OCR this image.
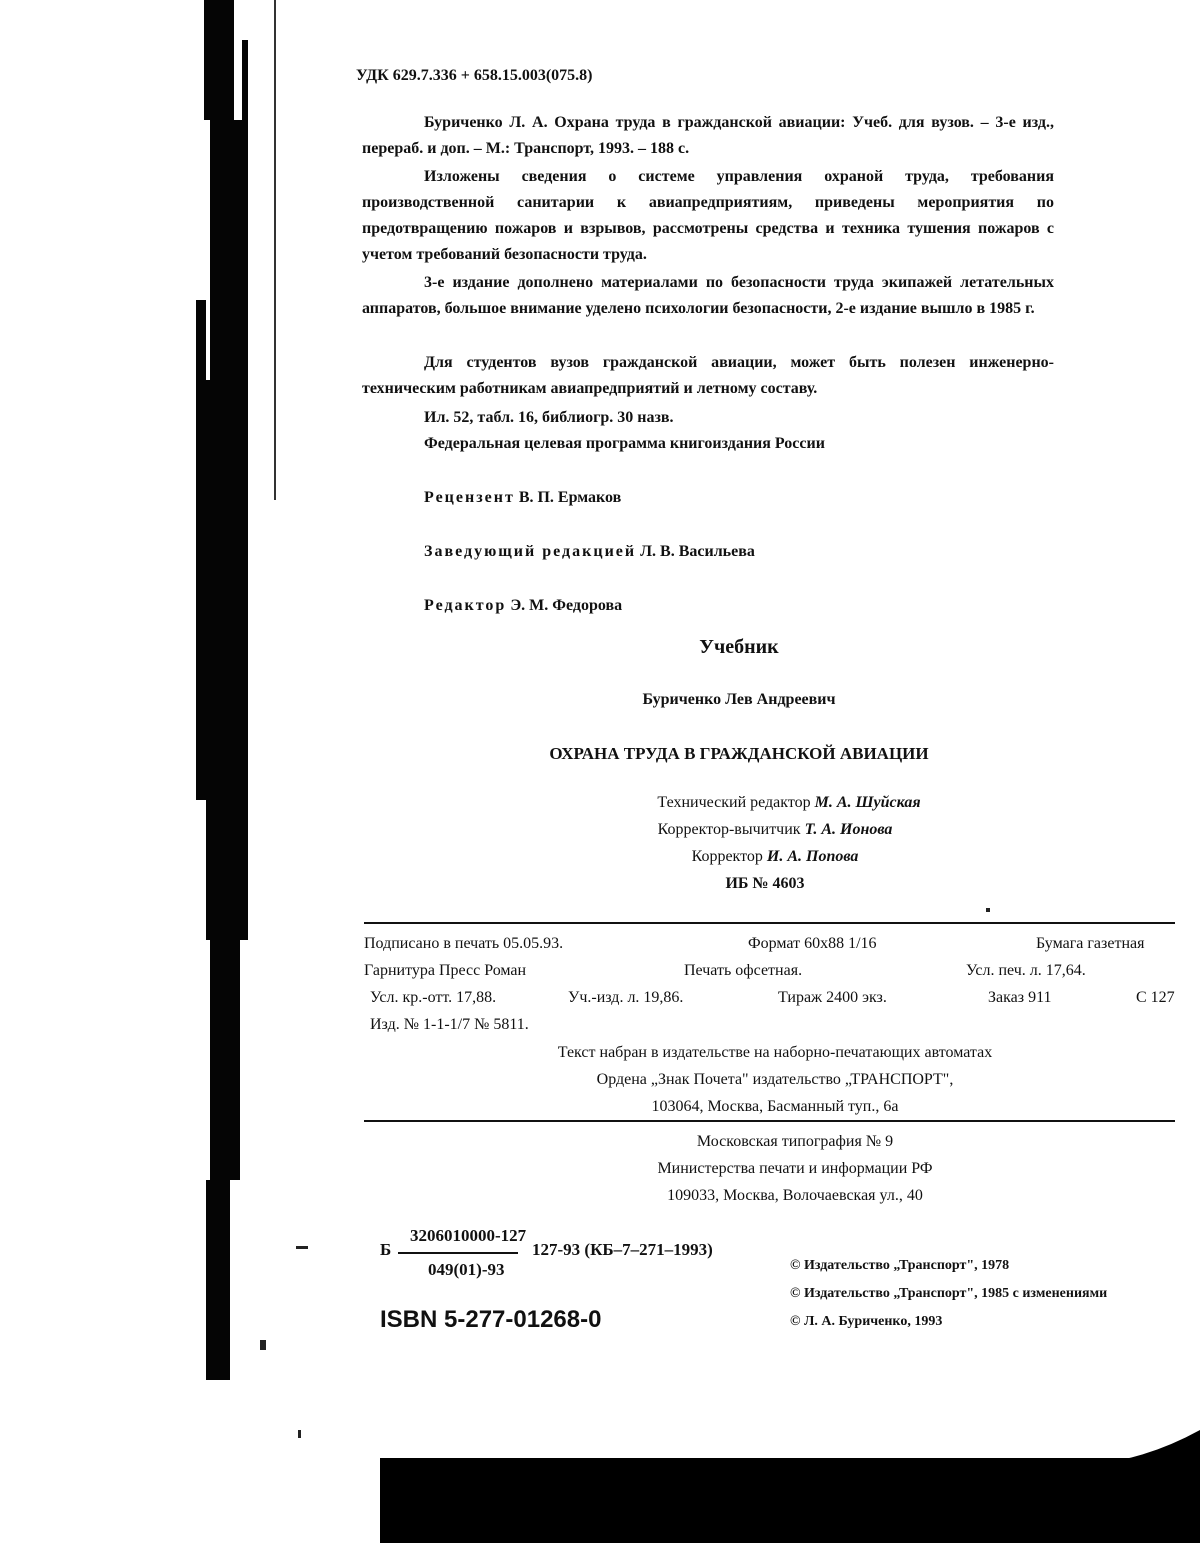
УДК 629.7.336 + 658.15.003(075.8)
Буриченко Л. А. Охрана труда в гражданской авиации: Учеб. для вузов. – 3-е изд., перераб. и доп. – М.: Транспорт, 1993. – 188 с.
Изложены сведения о системе управления охраной труда, требования производственной санитарии к авиапредприятиям, приведены мероприятия по предотвращению пожаров и взрывов, рассмотрены средства и техника тушения пожаров с учетом требований безопасности труда.
3-е издание дополнено материалами по безопасности труда экипажей летательных аппаратов, большое внимание уделено психологии безопасности, 2-е издание вышло в 1985 г.
Для студентов вузов гражданской авиации, может быть полезен инженерно-техническим работникам авиапредприятий и летному составу.
Ил. 52, табл. 16, библиогр. 30 назв.
Федеральная целевая программа книгоиздания России
Рецензент В. П. Ермаков
Заведующий редакцией Л. В. Васильева
Редактор Э. М. Федорова
Учебник
Буриченко Лев Андреевич
ОХРАНА ТРУДА В ГРАЖДАНСКОЙ АВИАЦИИ
Технический редактор М. А. Шуйская
Корректор-вычитчик Т. А. Ионова
Корректор И. А. Попова
ИБ № 4603
Подписано в печать 05.05.93.	Формат 60x88 1/16	Бумага газетная
Гарнитура Пресс Роман	Печать офсетная.	Усл. печ. л. 17,64.
Усл. кр.-отт. 17,88.	Уч.-изд. л. 19,86.	Тираж 2400 экз.	Заказ 911	С 127
Изд. № 1-1-1/7 № 5811.
Текст набран в издательстве на наборно-печатающих автоматах
Ордена „Знак Почета" издательство „ТРАНСПОРТ",
103064, Москва, Басманный туп., 6а
Московская типография № 9
Министерства печати и информации РФ
109033, Москва, Волочаевская ул., 40
Б
3206010000-127
049(01)-93
127-93 (КБ–7–271–1993)
© Издательство „Транспорт", 1978
© Издательство „Транспорт", 1985 с изменениями
© Л. А. Буриченко, 1993
ISBN 5-277-01268-0
